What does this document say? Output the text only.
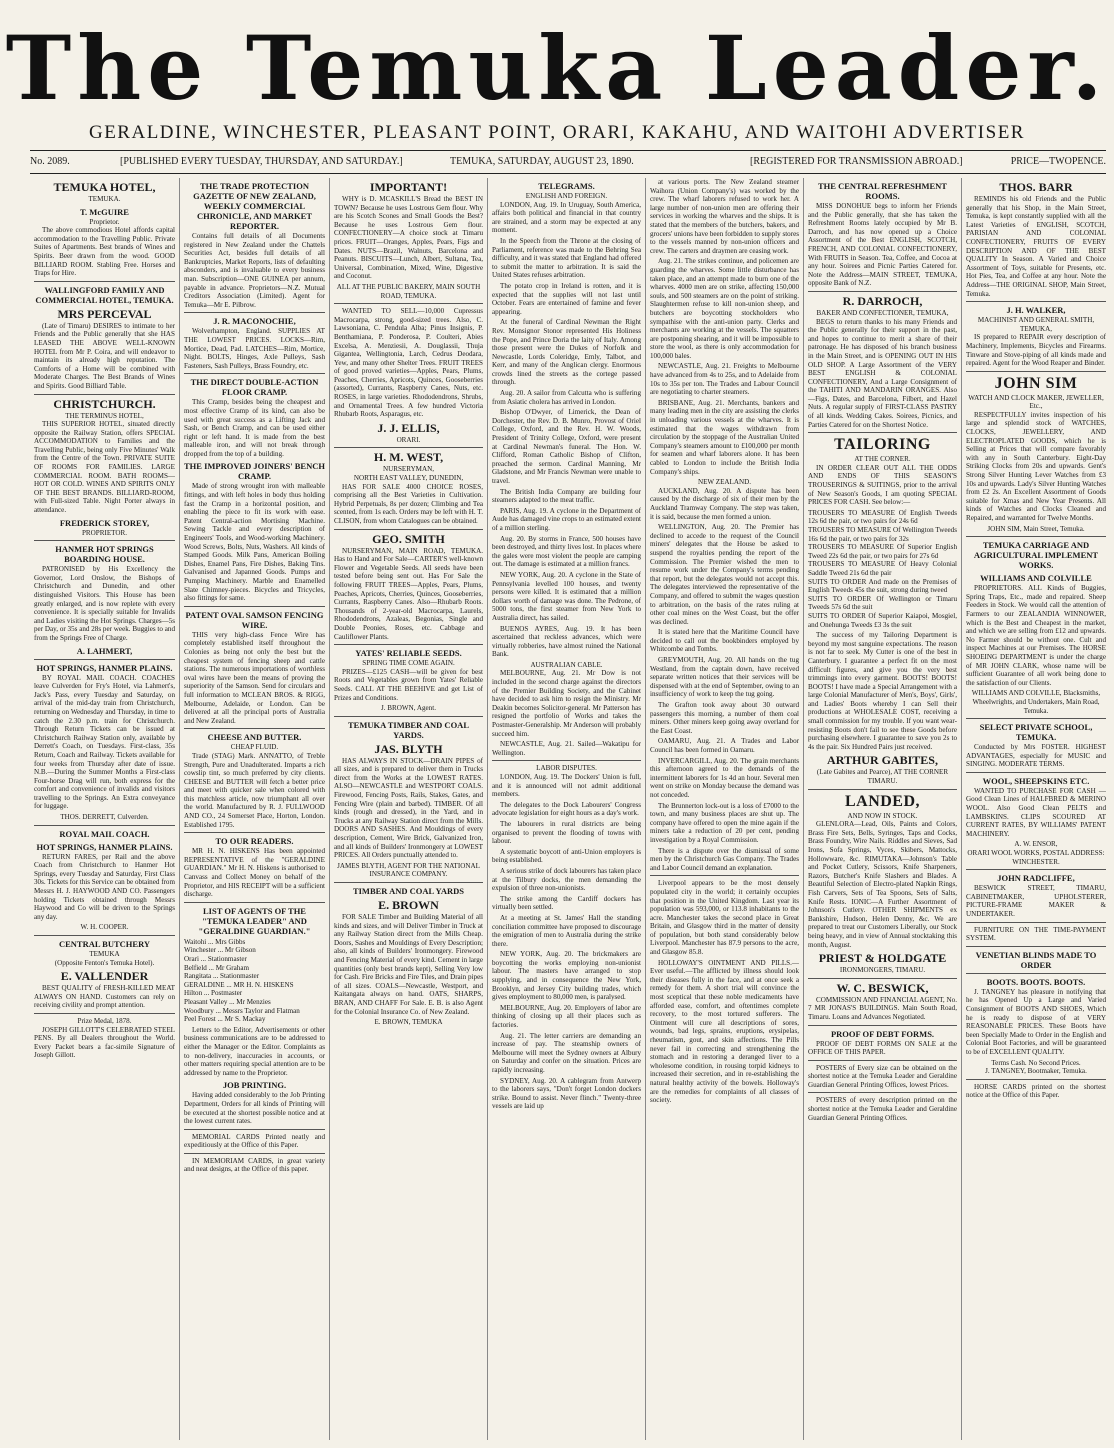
The Temuka Leader.
GERALDINE, WINCHESTER, PLEASANT POINT, ORARI, KAKAHU, AND WAITOHI ADVERTISER
No. 2089.	[PUBLISHED EVERY TUESDAY, THURSDAY, AND SATURDAY.]	TEMUKA, SATURDAY, AUGUST 23, 1890.	[REGISTERED FOR TRANSMISSION ABROAD.]	PRICE—TWOPENCE.
TEMUKA HOTEL,
TEMUKA.
T. McGUIRE
Proprietor.

The above commodious Hotel affords capital accommodation to the Travelling Public. Private Suites of Apartments. Best brands of Wines and Spirits. Beer drawn from the wood. GOOD BILLIARD ROOM. Stabling Free. Horses and Traps for Hire.

WALLINGFORD FAMILY AND COMMERCIAL HOTEL, TEMUKA.
MRS PERCEVAL

(Late of Timaru) DESIRES to intimate to her Friends and the Public generally that she HAS LEASED THE ABOVE WELL-KNOWN HOTEL from Mr P. Coira, and will endeavor to maintain its already high reputation. The Comforts of a Home will be combined with Moderate Charges. The Best Brands of Wines and Spirits. Good Billiard Table.

CHRISTCHURCH.
THE TERMINUS HOTEL,

THIS SUPERIOR HOTEL, situated directly opposite the Railway Station, offers SPECIAL ACCOMMODATION to Families and the Travelling Public, being only Five Minutes' Walk from the Centre of the Town. PRIVATE SUITE OF ROOMS FOR FAMILIES. LARGE COMMERCIAL ROOM. BATH ROOMS—HOT OR COLD. WINES AND SPIRITS ONLY OF THE BEST BRANDS. BILLIARD-ROOM, with Full-sized Table. Night Porter always in attendance.

FREDERICK STOREY,
PROPRIETOR.
HANMER HOT SPRINGS BOARDING HOUSE.

PATRONISED by His Excellency the Governor, Lord Onslow, the Bishops of Christchurch and Dunedin, and other distinguished Visitors. This House has been greatly enlarged, and is now replete with every convenience. It is specially suitable for Invalids and Ladies visiting the Hot Springs. Charges—5s per Day, or 35s and 28s per week. Buggies to and from the Springs Free of Charge.

A. LAHMERT,
HOT SPRINGS, HANMER PLAINS.

BY ROYAL MAIL COACH. COACHES leave Culverden for Fry's Hotel, via Lahmert's, Jack's Pass, every Tuesday and Saturday, on arrival of the mid-day train from Christchurch, returning on Wednesday and Thursday, in time to catch the 2.30 p.m. train for Christchurch. Through Return Tickets can be issued at Christchurch Railway Station only, available by Derrett's Coach, on Tuesdays. First-class, 35s Return, Coach and Railway. Tickets available for four weeks from Thursday after date of issue. N.B.—During the Summer Months a First-class Four-horse Drag will run, both express for the comfort and convenience of invalids and visitors travelling to the Springs. An Extra conveyance for luggage.

THOS. DERRETT, Culverden.
ROYAL MAIL COACH.
HOT SPRINGS, HANMER PLAINS.

RETURN FARES, per Rail and the above Coach from Christchurch to Hanmer Hot Springs, every Tuesday and Saturday, First Class 30s. Tickets for this Service can be obtained from Messrs H. J. HAYWOOD AND CO. Passengers holding Tickets obtained through Messrs Haywood and Co will be driven to the Springs any day.

W. H. COOPER.
CENTRAL BUTCHERY
TEMUKA
(Opposite Fenton's Temuka Hotel).
E. VALLENDER

BEST QUALITY of FRESH-KILLED MEAT ALWAYS ON HAND. Customers can rely on receiving civility and prompt attention.

Prize Medal, 1878.

JOSEPH GILLOTT'S CELEBRATED STEEL PENS. By all Dealers throughout the World. Every Packet bears a fac-simile Signature of Joseph Gillott.

THE TRADE PROTECTION GAZETTE OF NEW ZEALAND, WEEKLY COMMERCIAL CHRONICLE, AND MARKET REPORTER.

Contains full details of all Documents registered in New Zealand under the Chattels Securities Act, besides full details of all Bankruptcies, Market Reports, lists of defaulting absconders, and is invaluable to every business man. Subscription—ONE GUINEA per annum, payable in advance. Proprietors—N.Z. Mutual Creditors Association (Limited). Agent for Temuka—Mr E. Pilbrow.

J. R. MACONOCHIE,

Wolverhampton, England. SUPPLIES AT THE LOWEST PRICES. LOCKS—Rim, Mortice, Dead, Pad. LATCHES—Rim, Mortice, Night. BOLTS, Hinges, Axle Pulleys, Sash Fasteners, Sash Pulleys, Brass Foundry, etc.

THE DIRECT DOUBLE-ACTION FLOOR CRAMP.

This Cramp, besides being the cheapest and most effective Cramp of its kind, can also be used with great success as a Lifting Jack and Sash, or Bench Cramp, and can be used either right or left hand. It is made from the best malleable iron, and will not break through dropped from the top of a building.

THE IMPROVED JOINERS' BENCH CRAMP.

Made of strong wrought iron with malleable fittings, and with left holes in body thus holding fast the Cramp in a horizontal position, and enabling the piece to fit its work with ease. Patent Central-action Mortising Machine. Sewing Tackle and every description of Engineers' Tools, and Wood-working Machinery. Wood Screws, Bolts, Nuts, Washers. All kinds of Stamped Goods. Milk Pans, American Boiling Dishes, Enamel Pans, Fire Dishes, Baking Tins. Galvanised and Japanned Goods. Pumps and Pumping Machinery. Marble and Enamelled Slate Chimney-pieces. Bicycles and Tricycles, also fittings for same.

PATENT OVAL SAMSON FENCING WIRE.

THIS very high-class Fence Wire has completely established itself throughout the Colonies as being not only the best but the cheapest system of fencing sheep and cattle stations. The numerous importations of worthless oval wires have been the means of proving the superiority of the Samson. Send for circulars and full information to MCLEAN BROS. & RIGG, Melbourne, Adelaide, or London. Can be delivered at all the principal ports of Australia and New Zealand.

CHEESE AND BUTTER.
CHEAP FLUID.

Trade (STAG) Mark. ANNATTO, of Treble Strength, Pure and Unadulterated. Imparts a rich cowslip tint, so much preferred by city clients. CHEESE and BUTTER will fetch a better price and meet with quicker sale when colored with this matchless article, now triumphant all over the world. Manufactured by R. J. FULLWOOD AND CO., 24 Somerset Place, Horton, London. Established 1795.

TO OUR READERS.

MR H. N. HISKENS Has been appointed REPRESENTATIVE of the "GERALDINE GUARDIAN." Mr H. N. Hiskens is authorised to Canvass and Collect Money on behalf of the Proprietor, and HIS RECEIPT will be a sufficient discharge.

LIST OF AGENTS OF THE "TEMUKA LEADER" AND "GERALDINE GUARDIAN."
Waitohi ... Mrs Gibbs
Winchester ... Mr Gibson
Orari ... Stationmaster
Belfield ... Mr Graham
Rangitata ... Stationmaster
GERALDINE ... MR H. N. HISKENS
Hilton ... Postmaster
Pleasant Valley ... Mr Menzies
Woodbury ... Messrs Taylor and Flatman
Peel Forest ... Mr S. Mackay

Letters to the Editor, Advertisements or other business communications are to be addressed to either the Manager or the Editor. Complaints as to non-delivery, inaccuracies in accounts, or other matters requiring special attention are to be addressed by name to the Proprietor.

JOB PRINTING.

Having added considerably to the Job Printing Department, Orders for all kinds of Printing will be executed at the shortest possible notice and at the lowest current rates.

MEMORIAL CARDS Printed neatly and expeditiously at the Office of this Paper.

IN MEMORIAM CARDS, in great variety and neat designs, at the Office of this paper.

IMPORTANT!

WHY is D. MCASKILL'S Bread the BEST IN TOWN? Because he uses Lostrous Gem flour. Why are his Scotch Scones and Small Goods the Best? Because he uses Lostrous Gem flour. CONFECTIONERY—A choice stock at Timaru prices. FRUIT—Oranges, Apples, Pears, Figs and Dates. NUTS—Brazil, Walnuts, Barcelona and Peanuts. BISCUITS—Lunch, Albert, Sultana, Tea, Universal, Combination, Mixed, Wine, Digestive and Coconut.

ALL AT THE PUBLIC BAKERY, MAIN SOUTH ROAD, TEMUKA.

WANTED TO SELL—10,000 Cupressus Macrocarpa, strong, good-sized trees. Also, C. Lawsoniana, C. Pendula Alba; Pinus Insignis, P. Benthamiana, P. Ponderosa, P. Coulteri, Abies Excelsa, A. Menziesii, A. Douglassii, Thuja Gigantea, Wellingtonia, Larch, Cedrus Deodara, Yew, and many other Shelter Trees. FRUIT TREES of good proved varieties—Apples, Pears, Plums, Peaches, Cherries, Apricots, Quinces, Gooseberries (assorted), Currants, Raspberry Canes, Nuts, etc. ROSES, in large varieties. Rhododendrons, Shrubs, and Ornamental Trees. A few hundred Victoria Rhubarb Roots, Asparagus, etc.

J. J. ELLIS,
ORARI.
H. M. WEST,
NURSERYMAN,
NORTH EAST VALLEY, DUNEDIN,

HAS FOR SALE 4000 CHOICE ROSES, comprising all the Best Varieties in Cultivation. Hybrid Perpetuals, 8s per dozen; Climbing and Tea scented, from 1s each. Orders may be left with H. T. CLISON, from whom Catalogues can be obtained.

GEO. SMITH

NURSERYMAN, MAIN ROAD, TEMUKA. Has to Hand and For Sale—CARTER'S well-known Flower and Vegetable Seeds. All seeds have been tested before being sent out. Has For Sale the following FRUIT TREES—Apples, Pears, Plums, Peaches, Apricots, Cherries, Quinces, Gooseberries, Currants, Raspberry Canes. Also—Rhubarb Roots. Thousands of 2-year-old Macrocarpa, Laurels, Rhododendrons, Azaleas, Begonias, Single and Double Peonies, Roses, etc. Cabbage and Cauliflower Plants.

YATES' RELIABLE SEEDS.
SPRING TIME COME AGAIN.

PRIZES—£125 CASH—will be given for best Roots and Vegetables grown from Yates' Reliable Seeds. CALL AT THE BEEHIVE and get List of Prizes and Conditions.

J. BROWN, Agent.
TEMUKA TIMBER AND COAL YARDS.
JAS. BLYTH

HAS ALWAYS IN STOCK—DRAIN PIPES of all sizes, and is prepared to deliver them in Trucks direct from the Works at the LOWEST RATES. ALSO—NEWCASTLE and WESTPORT COALS. Firewood, Fencing Posts, Rails, Stakes, Gates, and Fencing Wire (plain and barbed). TIMBER. Of all kinds (rough and dressed), in the Yard, and in Trucks at any Railway Station direct from the Mills. DOORS AND SASHES. And Mouldings of every description, Cement, Wire Brick, Galvanized Iron, and all kinds of Builders' Ironmongery at LOWEST PRICES. All Orders punctually attended to.

JAMES BLYTH, AGENT FOR THE NATIONAL INSURANCE COMPANY.
TIMBER AND COAL YARDS
E. BROWN

FOR SALE Timber and Building Material of all kinds and sizes, and will Deliver Timber in Truck at any Railway Station direct from the Mills Cheap. Doors, Sashes and Mouldings of Every Description; also, all kinds of Builders' Ironmongery. Firewood and Fencing Material of every kind. Cement in large quantities (only best brands kept), Selling Very low for Cash. Fire Bricks and Fire Tiles, and Drain pipes of all sizes. COALS—Newcastle, Westport, and Kaitangata always on hand. OATS, SHARPS, BRAN, AND CHAFF For Sale. E. B. is also Agent for the Colonial Insurance Co. of New Zealand.

E. BROWN, TEMUKA
TELEGRAMS.
ENGLISH AND FOREIGN.

LONDON, Aug. 19. In Uruguay, South America, affairs both political and financial in that country are strained, and a storm may be expected at any moment.

In the Speech from the Throne at the closing of Parliament, reference was made to the Behring Sea difficulty, and it was stated that England had offered to submit the matter to arbitration. It is said the United States refuses arbitration.

The potato crop in Ireland is rotten, and it is expected that the supplies will not last until October. Fears are entertained of famine and fever appearing.

At the funeral of Cardinal Newman the Right Rev. Monsignor Stonor represented His Holiness the Pope, and Prince Doria the laity of Italy. Among those present were the Dukes of Norfolk and Newcastle, Lords Coleridge, Emly, Talbot, and Kerr, and many of the Anglican clergy. Enormous crowds lined the streets as the cortege passed through.

Aug. 20. A sailor from Calcutta who is suffering from Asiatic cholera has arrived in London.

Bishop O'Dwyer, of Limerick, the Dean of Dorchester, the Rev. D. B. Munro, Provost of Oriel College, Oxford, and the Rev. H. W. Woods, President of Trinity College, Oxford, were present at Cardinal Newman's funeral. The Hon. W. Clifford, Roman Catholic Bishop of Clifton, preached the sermon. Cardinal Manning, Mr Gladstone, and Mr Francis Newman were unable to travel.

The British India Company are building four steamers adapted to the meat traffic.

PARIS, Aug. 19. A cyclone in the Department of Aude has damaged vine crops to an estimated extent of a million sterling.

Aug. 20. By storms in France, 500 houses have been destroyed, and thirty lives lost. In places where the gales were most violent the people are camping out. The damage is estimated at a million francs.

NEW YORK, Aug. 20. A cyclone in the State of Pennsylvania levelled 100 houses, and twenty persons were killed. It is estimated that a million dollars worth of damage was done. The Pedrone, of 5000 tons, the first steamer from New York to Australia direct, has sailed.

BUENOS AYRES, Aug. 19. It has been ascertained that reckless advances, which were virtually robberies, have almost ruined the National Bank.

AUSTRALIAN CABLE.

MELBOURNE, Aug. 21. Mr Dow is not included in the second charge against the directors of the Premier Building Society, and the Cabinet have decided to ask him to resign the Ministry. Mr Deakin becomes Solicitor-general. Mr Patterson has resigned the portfolio of Works and takes the Postmaster-Generalship. Mr Anderson will probably succeed him.

NEWCASTLE, Aug. 21. Sailed—Wakatipu for Wellington.

LABOR DISPUTES.

LONDON, Aug. 19. The Dockers' Union is full, and it is announced will not admit additional members.

The delegates to the Dock Labourers' Congress advocate legislation for eight hours as a day's work.

The labourers in rural districts are being organised to prevent the flooding of towns with labour.

A systematic boycott of anti-Union employers is being established.

A serious strike of dock labourers has taken place at the Tilbury docks, the men demanding the expulsion of three non-unionists.

The strike among the Cardiff dockers has virtually been settled.

At a meeting at St. James' Hall the standing conciliation committee have proposed to discourage the emigration of men to Australia during the strike there.

NEW YORK, Aug. 20. The brickmakers are boycotting the works employing non-unionist labour. The masters have arranged to stop supplying, and in consequence the New York, Brooklyn, and Jersey City building trades, which gives employment to 80,000 men, is paralysed.

MELBOURNE, Aug. 20. Employers of labor are thinking of closing up all their places such as factories.

Aug. 21. The letter carriers are demanding an increase of pay. The steamship owners of Melbourne will meet the Sydney owners at Albury on Saturday and confer on the situation. Prices are rapidly increasing.

SYDNEY, Aug. 20. A cablegram from Antwerp to the laborers says, "Don't forget London dockers strike. Bound to assist. Never flinch." Twenty-three vessels are laid up

at various ports. The New Zealand steamer Waihora (Union Company's) was worked by the crew. The wharf laborers refused to work her. A large number of non-union men are offering their services in working the wharves and the ships. It is stated that the members of the butchers, bakers, and grocers' unions have been forbidden to supply stores to the vessels manned by non-union officers and crew. The carters and draymen are ceasing work.

Aug. 21. The strikes continue, and policemen are guarding the wharves. Some little disturbance has taken place, and an attempt made to burn one of the wharves. 4000 men are on strike, affecting 150,000 souls, and 500 steamers are on the point of striking. Slaughtermen refuse to kill non-union sheep, and butchers are boycotting stockholders who sympathise with the anti-union party. Clerks and merchants are working at the vessels. The squatters are postponing shearing, and it will be impossible to store the wool, as there is only accommodation for 100,000 bales.

NEWCASTLE, Aug. 21. Freights to Melbourne have advanced from 4s to 25s, and to Adelaide from 10s to 35s per ton. The Trades and Labour Council are negotiating to charter steamers.

BRISBANE, Aug. 21. Merchants, bankers and many leading men in the city are assisting the clerks in unloading various vessels at the wharves. It is estimated that the wages withdrawn from circulation by the stoppage of the Australian United Company's steamers amount to £100,000 per month for seamen and wharf laborers alone. It has been cabled to London to include the British India Company's ships.

NEW ZEALAND.

AUCKLAND, Aug. 20. A dispute has been caused by the discharge of six of their men by the Auckland Tramway Company. The step was taken, it is said, because the men formed a union.

WELLINGTON, Aug. 20. The Premier has declined to accede to the request of the Council miners' delegates that the House be asked to suspend the royalties pending the report of the Commission. The Premier wished the men to resume work under the Company's terms pending that report, but the delegates would not accept this. The delegates interviewed the representative of the Company, and offered to submit the wages question to arbitration, on the basis of the rates ruling at other coal mines on the West Coast, but the offer was declined.

It is stated here that the Maritime Council have decided to call out the bookbinders employed by Whitcombe and Tombs.

GREYMOUTH, Aug. 20. All hands on the tug Westland, from the captain down, have received separate written notices that their services will be dispensed with at the end of September, owing to an insufficiency of work to keep the tug going.

The Grafton took away about 30 outward passengers this morning, a number of them coal miners. Other miners keep going away overland for the East Coast.

OAMARU, Aug. 21. A Trades and Labor Council has been formed in Oamaru.

INVERCARGILL, Aug. 20. The grain merchants this afternoon agreed to the demands of the intermittent laborers for 1s 4d an hour. Several men went on strike on Monday because the demand was not conceded.

The Brunnerton lock-out is a loss of £7000 to the town, and many business places are shut up. The company have offered to open the mine again if the miners take a reduction of 20 per cent, pending investigation by a Royal Commission.

There is a dispute over the dismissal of some men by the Christchurch Gas Company. The Trades and Labor Council demand an explanation.

Liverpool appears to be the most densely populated city in the world; it certainly occupies that position in the United Kingdom. Last year its population was 593,000, or 113.8 inhabitants to the acre. Manchester takes the second place in Great Britain, and Glasgow third in the matter of density of population, but both stand considerably below Liverpool. Manchester has 87.9 persons to the acre, and Glasgow 85.8.

HOLLOWAY'S OINTMENT AND PILLS.—Ever useful.—The afflicted by illness should look their diseases fully in the face, and at once seek a remedy for them. A short trial will convince the most sceptical that these noble medicaments have afforded ease, comfort, and oftentimes complete recovery, to the most tortured sufferers. The Ointment will cure all descriptions of sores, wounds, bad legs, sprains, eruptions, erysipelas, rheumatism, gout, and skin affections. The Pills never fail in correcting and strengthening the stomach and in restoring a deranged liver to a wholesome condition, in rousing torpid kidneys to increased their secretion, and in re-establishing the natural healthy activity of the bowels. Holloway's are the remedies for complaints of all classes of society.

THE CENTRAL REFRESHMENT ROOMS.

MISS DONOHUE begs to inform her Friends and the Public generally, that she has taken the Refreshment Rooms lately occupied by Mr B. Darroch, and has now opened up a Choice Assortment of the Best ENGLISH, SCOTCH, FRENCH, AND COLONIAL CONFECTIONERY, With FRUITS in Season. Tea, Coffee, and Cocoa at any hour. Soirees and Picnic Parties Catered for. Note the Address—MAIN STREET, TEMUKA, opposite Bank of N.Z.

R. DARROCH,
BAKER AND CONFECTIONER, TEMUKA,

BEGS to return thanks to his many Friends and the Public generally for their support in the past, and hopes to continue to merit a share of their patronage. He has disposed of his branch business in the Main Street, and is OPENING OUT IN HIS OLD SHOP. A Large Assortment of the VERY BEST ENGLISH & COLONIAL CONFECTIONERY, And a Large Consignment of the TAHITI AND MANDARIN ORANGES. Also—Figs, Dates, and Barcelona, Filbert, and Hazel Nuts. A regular supply of FIRST-CLASS PASTRY of all kinds. Wedding Cakes. Soirees, Picnics, and Parties Catered for on the Shortest Notice.

TAILORING
AT THE CORNER.

IN ORDER CLEAR OUT ALL THE ODDS AND ENDS OF THIS SEASON'S TROUSERINGS & SUITINGS, prior to the arrival of New Season's Goods, I am quoting SPECIAL PRICES FOR CASH. See below:—

TROUSERS TO MEASURE Of English Tweeds 12s 6d the pair, or two pairs for 24s 6d
TROUSERS TO MEASURE Of Wellington Tweeds 16s 6d the pair, or two pairs for 32s
TROUSERS TO MEASURE Of Superior English Tweed 22s 6d the pair, or two pairs for 27s 6d
TROUSERS TO MEASURE Of Heavy Colonial Saddle Tweed 21s 6d the pair
SUITS TO ORDER And made on the Premises of English Tweeds 45s the suit, strong during tweed
SUITS TO ORDER Of Wellington or Timaru Tweeds 57s 6d the suit
SUITS TO ORDER Of Superior Kaiapoi, Mosgiel, and Onehunga Tweeds £3 3s the suit

The success of my Tailoring Department is beyond my most sanguine expectations. The reason is not far to seek. My Cutter is one of the best in Canterbury. I guarantee a perfect fit on the most difficult figures, and give you the very best trimmings into every garment. BOOTS! BOOTS! BOOTS! I have made a Special Arrangement with a large Colonial Manufacturer of Men's, Boys', Girls', and Ladies' Boots whereby I can Sell their productions at WHOLESALE COST, receiving a small commission for my trouble. If you want wear-resisting Boots don't fail to see these Goods before purchasing elsewhere. I guarantee to save you 2s to 4s the pair. Six Hundred Pairs just received.

ARTHUR GABITES,
(Late Gabites and Pearce), AT THE CORNER TIMARU.
LANDED,
AND NOW IN STOCK.

GLENLORA—Lead, Oils, Paints and Colors, Brass Fire Sets, Bells, Syringes, Taps and Cocks, Brass Foundry, Wire Nails. Riddles and Sieves, Sad Irons, Sofa Springs, Vyces, Skibers, Mattocks, Hollowware, &c. RIMUTAKA—Johnson's Table and Pocket Cutlery, Scissors, Knife Sharpeners, Razors, Butcher's Knife Slashers and Blades. A Beautiful Selection of Electro-plated Napkin Rings, Fish Carvers, Sets of Tea Spoons, Sets of Salts, Knife Rests. IONIC—A Further Assortment of Johnson's Cutlery. OTHER SHIPMENTS ex Bankshire, Hudson, Helen Denny, &c. We are prepared to treat our Customers Liberally, our Stock being heavy, and in view of Annual stocktaking this month, August.

PRIEST & HOLDGATE
IRONMONGERS, TIMARU.
W. C. BESWICK,

COMMISSION AND FINANCIAL AGENT, No. 7 MR JONAS'S BUILDINGS. Main South Road, Timaru. Loans and Advances Negotiated.

PROOF OF DEBT FORMS.

PROOF OF DEBT FORMS ON SALE at the OFFICE OF THIS PAPER.

POSTERS of Every size can be obtained on the shortest notice at the Temuka Leader and Geraldine Guardian General Printing Offices, lowest Prices.

POSTERS of every description printed on the shortest notice at the Temuka Leader and Geraldine Guardian General Printing Offices.

THOS. BARR

REMINDS his old Friends and the Public generally that his Shop, in the Main Street, Temuka, is kept constantly supplied with all the Latest Varieties of ENGLISH, SCOTCH, PARISIAN AND COLONIAL CONFECTIONERY, FRUITS OF EVERY DESCRIPTION AND OF THE BEST QUALITY In Season. A Varied and Choice Assortment of Toys, suitable for Presents, etc. Hot Pies, Tea, and Coffee at any hour. Note the Address—THE ORIGINAL SHOP, Main Street, Temuka.

J. H. WALKER,
MACHINIST AND GENERAL SMITH, TEMUKA,

IS prepared to REPAIR every description of Machinery, Implements, Bicycles and Firearms. Tinware and Stove-piping of all kinds made and repaired. Agent for the Wood Reaper and Binder.

JOHN SIM
WATCH AND CLOCK MAKER, JEWELLER, Etc.,

RESPECTFULLY invites inspection of his large and splendid stock of WATCHES, CLOCKS, JEWELLERY, AND ELECTROPLATED GOODS, which he is Selling at Prices that will compare favorably with any in South Canterbury. Eight-Day Striking Clocks from 20s and upwards. Gent's Strong Silver Hunting Lever Watches from £3 10s and upwards. Lady's Silver Hunting Watches from £2 2s. An Excellent Assortment of Goods suitable for Xmas and New Year Presents. All kinds of Watches and Clocks Cleaned and Repaired, and warranted for Twelve Months.

JOHN SIM, Main Street, Temuka.
TEMUKA CARRIAGE AND AGRICULTURAL IMPLEMENT WORKS.
WILLIAMS AND COLVILLE

PROPRIETORS. ALL Kinds of Buggies, Spring Traps, Etc., made and repaired. Sheep Feeders in Stock. We would call the attention of Farmers to our ZEALANDIA WINNOWER, which is the Best and Cheapest in the market, and which we are selling from £12 and upwards. No Farmer should be without one. Cult and inspect Machines at our Premises. The HORSE SHOEING DEPARTMENT is under the charge of MR JOHN CLARK, whose name will be sufficient Guarantee of all work being done to the satisfaction of our Clients.

WILLIAMS AND COLVILLE, Blacksmiths, Wheelwrights, and Undertakers, Main Road, Temuka.
SELECT PRIVATE SCHOOL, TEMUKA.

Conducted by Mrs FOSTER. HIGHEST ADVANTAGES, especially for MUSIC and SINGING. MODERATE TERMS.

WOOL, SHEEPSKINS ETC.

WANTED TO PURCHASE FOR CASH — Good Clean Lines of HALFBRED & MERINO WOOL. Also Good Clean PELTS and LAMBSKINS. CLIPS SCOURED AT CURRENT RATES, BY WILLIAMS' PATENT MACHINERY.

A. W. ENSOR,
ORARI WOOL WORKS, POSTAL ADDRESS: WINCHESTER.
JOHN RADCLIFFE,

BESWICK STREET, TIMARU, CABINETMAKER, UPHOLSTERER, PICTURE-FRAME MAKER & UNDERTAKER.

FURNITURE ON THE TIME-PAYMENT SYSTEM.

VENETIAN BLINDS MADE TO ORDER
BOOTS. BOOTS. BOOTS.

J. TANGNEY has pleasure in notifying that he has Opened Up a Large and Varied Consignment of BOOTS AND SHOES, Which he is ready to dispose of at VERY REASONABLE PRICES. These Boots have been Specially Made to Order in the English and Colonial Boot Factories, and will be guaranteed to be of EXCELLENT QUALITY.

Terms Cash. No Second Prices.
J. TANGNEY, Bootmaker, Temuka.

HORSE CARDS printed on the shortest notice at the Office of this Paper.
